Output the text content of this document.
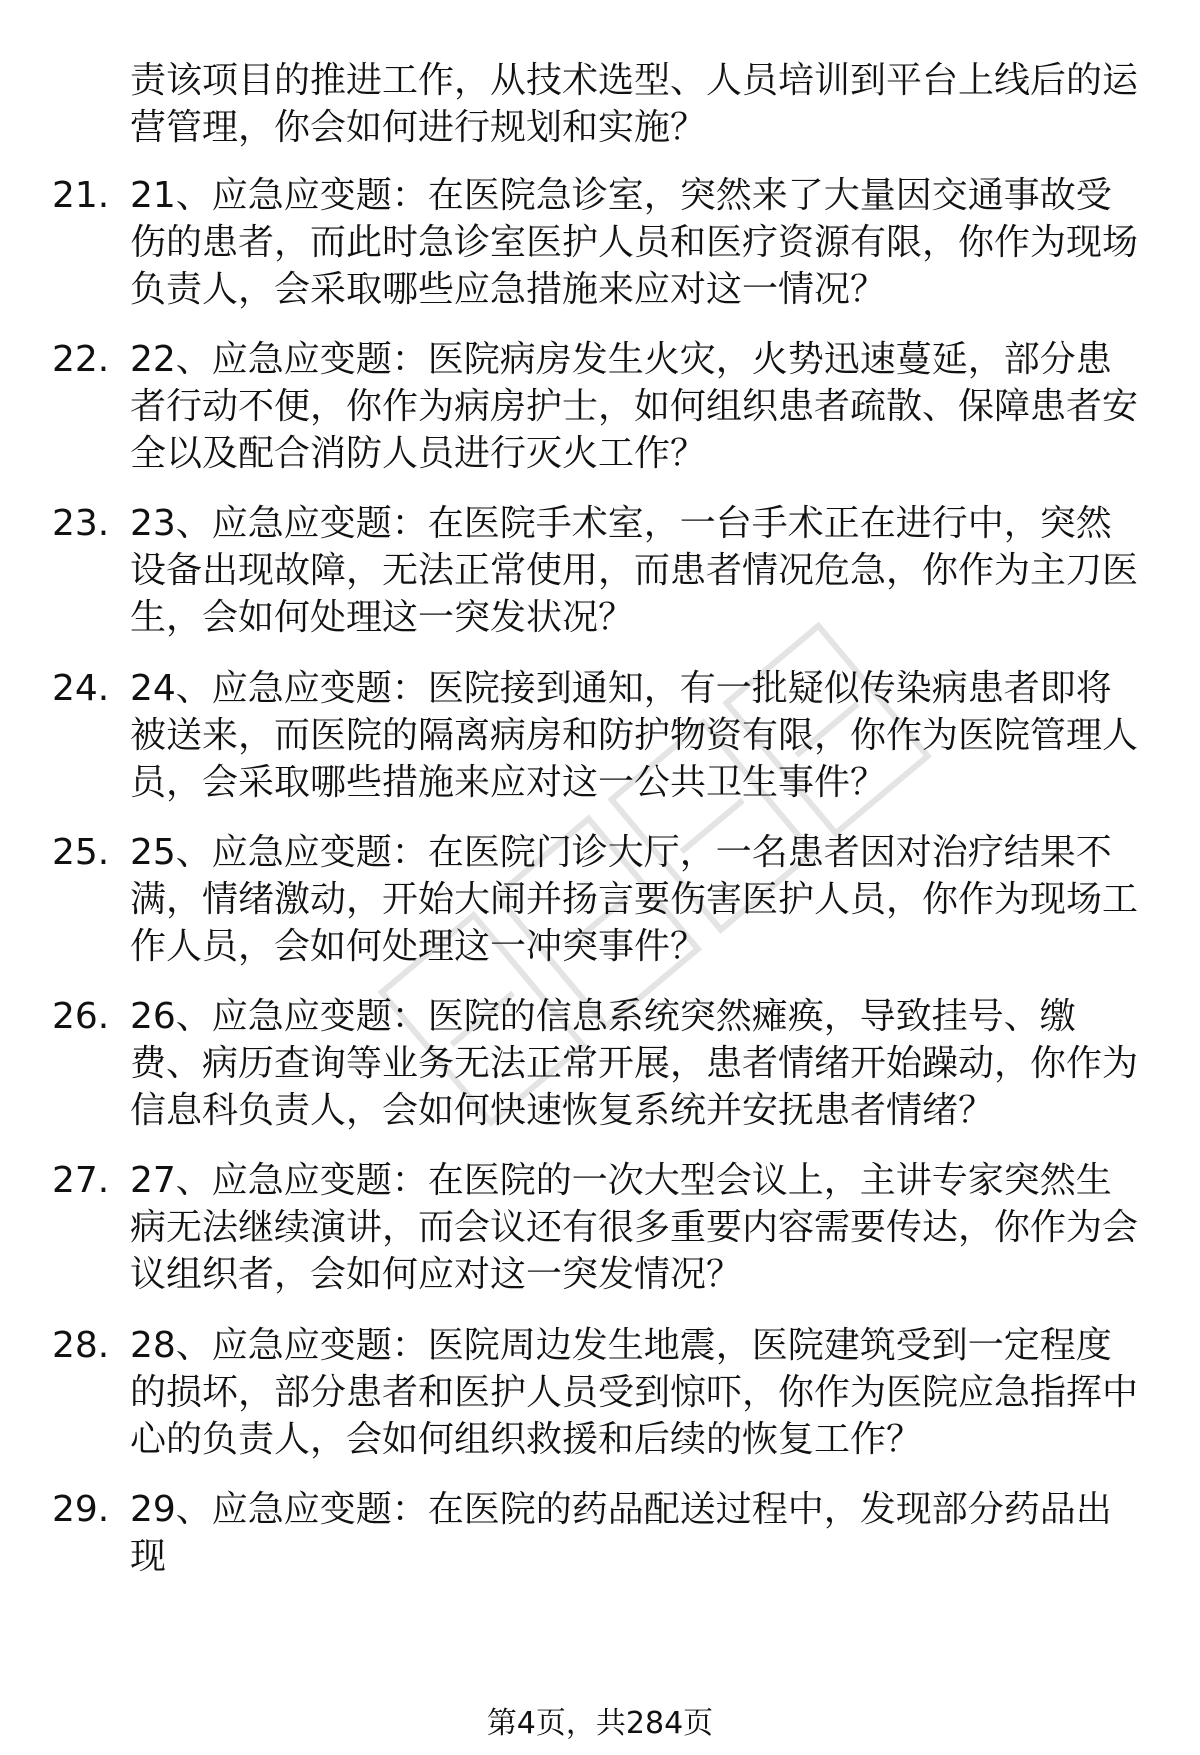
责该项目的推进工作，从技术选型、人员培训到平台上线后的运营管理，你会如何进行规划和实施？
21. 21、应急应变题：在医院急诊室，突然来了大量因交通事故受伤的患者，而此时急诊室医护人员和医疗资源有限，你作为现场负责人，会采取哪些应急措施来应对这一情况？
22. 22、应急应变题：医院病房发生火灾，火势迅速蔓延，部分患者行动不便，你作为病房护士，如何组织患者疏散、保障患者安全以及配合消防人员进行灭火工作？
23. 23、应急应变题：在医院手术室，一台手术正在进行中，突然设备出现故障，无法正常使用，而患者情况危急，你作为主刀医生，会如何处理这一突发状况？
24. 24、应急应变题：医院接到通知，有一批疑似传染病患者即将被送来，而医院的隔离病房和防护物资有限，你作为医院管理人员，会采取哪些措施来应对这一公共卫生事件？
25. 25、应急应变题：在医院门诊大厅，一名患者因对治疗结果不满，情绪激动，开始大闹并扬言要伤害医护人员，你作为现场工作人员，会如何处理这一冲突事件？
26. 26、应急应变题：医院的信息系统突然瘫痪，导致挂号、缴费、病历查询等业务无法正常开展，患者情绪开始躁动，你作为信息科负责人，会如何快速恢复系统并安抚患者情绪？
27. 27、应急应变题：在医院的一次大型会议上，主讲专家突然生病无法继续演讲，而会议还有很多重要内容需要传达，你作为会议组织者，会如何应对这一突发情况？
28. 28、应急应变题：医院周边发生地震，医院建筑受到一定程度的损坏，部分患者和医护人员受到惊吓，你作为医院应急指挥中心的负责人，会如何组织救援和后续的恢复工作？
29. 29、应急应变题：在医院的药品配送过程中，发现部分药品出现
第4页，共284页
